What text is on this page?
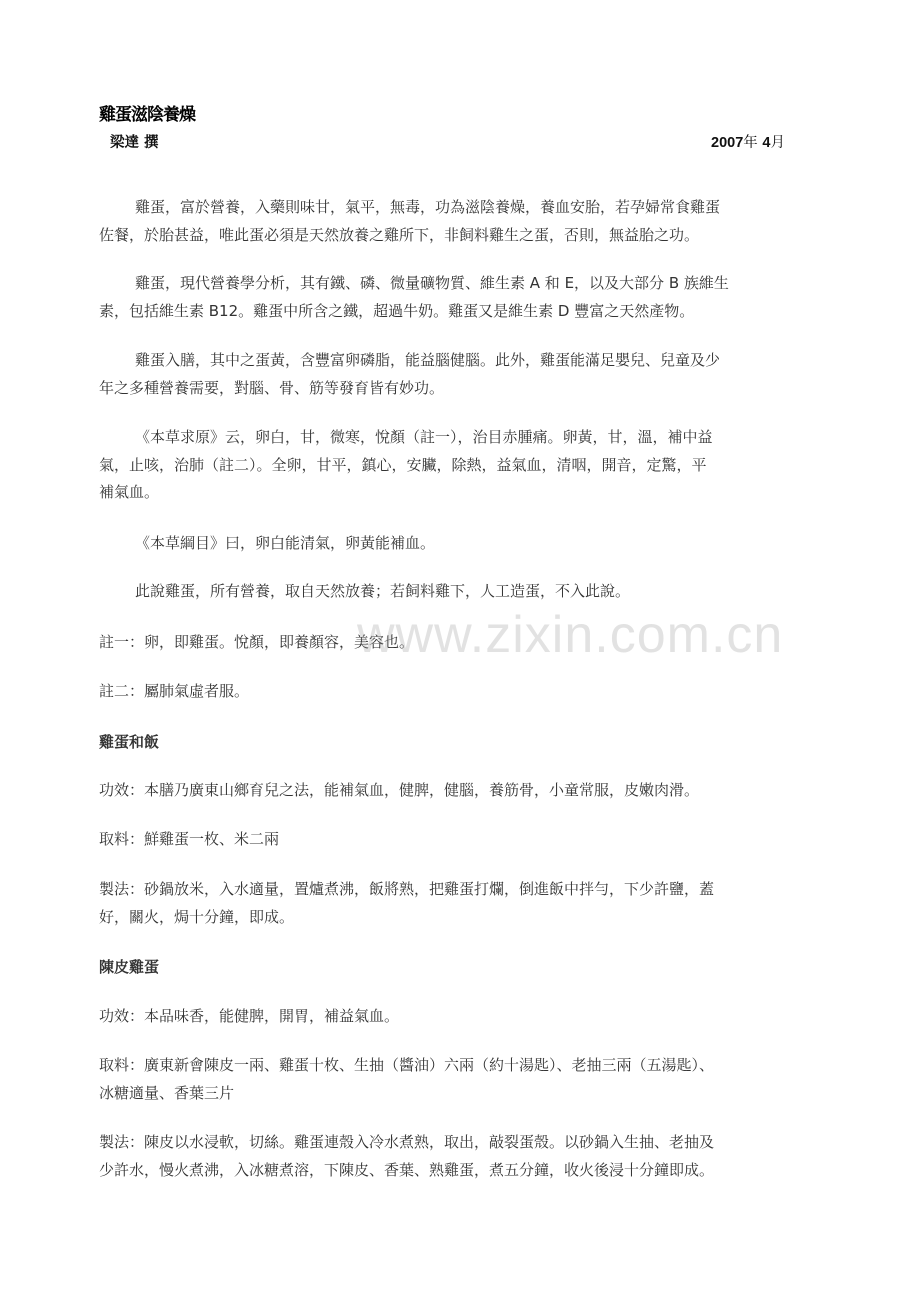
雞蛋滋陰養燥
梁達 撰	2007年 4月
雞蛋，富於營養，入藥則味甘，氣平，無毒，功為滋陰養燥，養血安胎，若孕婦常食雞蛋
佐餐，於胎甚益，唯此蛋必須是天然放養之雞所下，非飼料雞生之蛋，否則，無益胎之功。
雞蛋，現代營養學分析，其有鐵、磷、微量礦物質、維生素 A 和 E，以及大部分 B 族維生
素，包括維生素 B12。雞蛋中所含之鐵，超過牛奶。雞蛋又是維生素 D 豐富之天然產物。
雞蛋入膳，其中之蛋黃，含豐富卵磷脂，能益腦健腦。此外，雞蛋能滿足嬰兒、兒童及少
年之多種營養需要，對腦、骨、筋等發育皆有妙功。
《本草求原》云，卵白，甘，微寒，悅顏（註一），治目赤腫痛。卵黃，甘，溫，補中益
氣，止咳，治肺（註二）。全卵，甘平，鎮心，安臟，除熱，益氣血，清咽，開音，定驚，平
補氣血。
《本草綱目》曰，卵白能清氣，卵黃能補血。
此說雞蛋，所有營養，取自天然放養；若飼料雞下，人工造蛋，不入此說。
註一：卵，即雞蛋。悅顏，即養顏容，美容也。
註二：屬肺氣虛者服。
雞蛋和飯
功效：本膳乃廣東山鄉育兒之法，能補氣血，健脾，健腦，養筋骨，小童常服，皮嫩肉滑。
取料：鮮雞蛋一枚、米二兩
製法：砂鍋放米，入水適量，置爐煮沸，飯將熟，把雞蛋打爛，倒進飯中拌勻，下少許鹽，蓋
好，關火，焗十分鐘，即成。
陳皮雞蛋
功效：本品味香，能健脾，開胃，補益氣血。
取料：廣東新會陳皮一兩、雞蛋十枚、生抽（醬油）六兩（約十湯匙）、老抽三兩（五湯匙）、
冰糖適量、香葉三片
製法：陳皮以水浸軟，切絲。雞蛋連殼入冷水煮熟，取出，敲裂蛋殼。以砂鍋入生抽、老抽及
少許水，慢火煮沸，入冰糖煮溶，下陳皮、香葉、熟雞蛋，煮五分鐘，收火後浸十分鐘即成。
www.zixin.com.cn
